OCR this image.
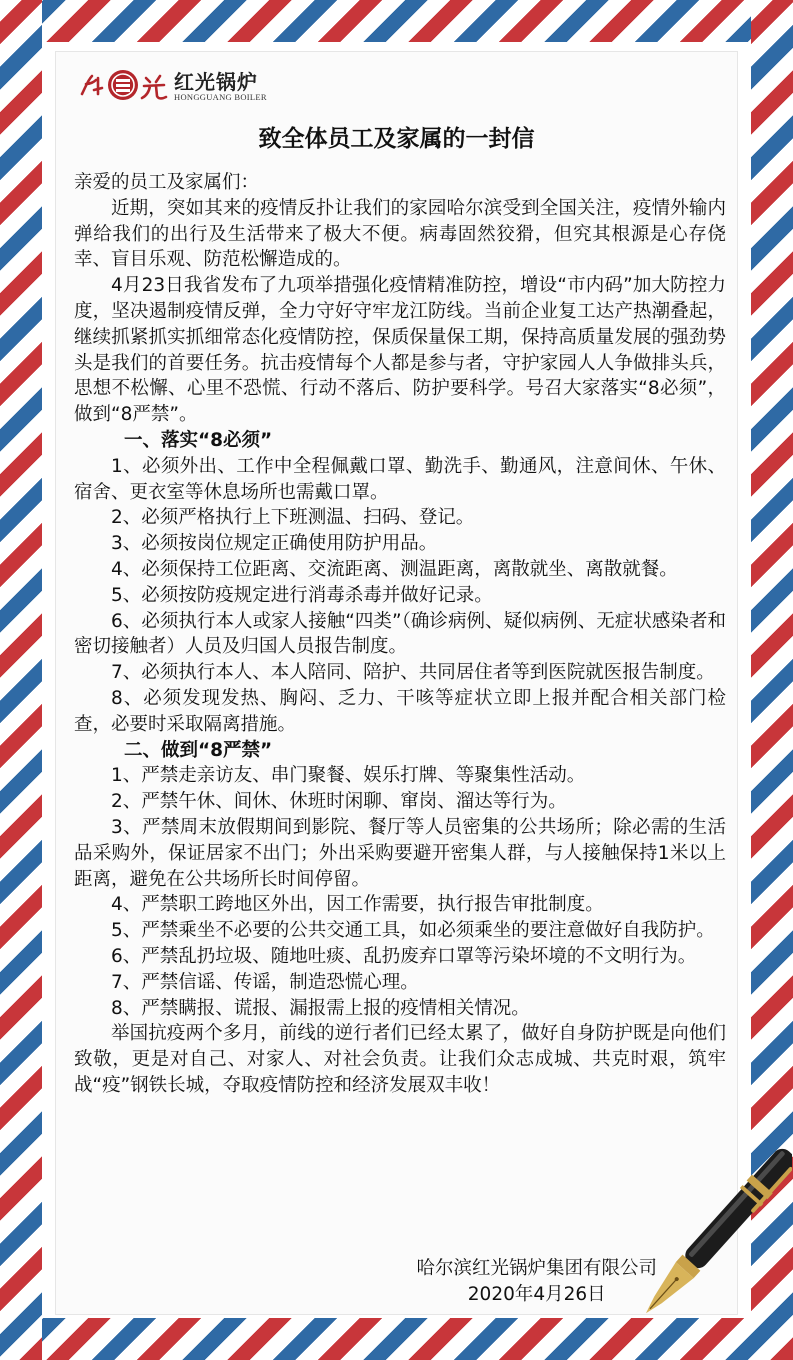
红光锅炉
HONGGUANG BOILER
致全体员工及家属的一封信

亲爱的员工及家属们：

近期，突如其来的疫情反扑让我们的家园哈尔滨受到全国关注，疫情外输内弹给我们的出行及生活带来了极大不便。病毒固然狡猾，但究其根源是心存侥幸、盲目乐观、防范松懈造成的。

4月23日我省发布了九项举措强化疫情精准防控，增设“市内码”加大防控力度，坚决遏制疫情反弹，全力守好守牢龙江防线。当前企业复工达产热潮叠起，继续抓紧抓实抓细常态化疫情防控，保质保量保工期，保持高质量发展的强劲势头是我们的首要任务。抗击疫情每个人都是参与者，守护家园人人争做排头兵，思想不松懈、心里不恐慌、行动不落后、防护要科学。号召大家落实“8必须”，做到“8严禁”。

一、落实“8必须”

1、必须外出、工作中全程佩戴口罩、勤洗手、勤通风，注意间休、午休、宿舍、更衣室等休息场所也需戴口罩。

2、必须严格执行上下班测温、扫码、登记。

3、必须按岗位规定正确使用防护用品。

4、必须保持工位距离、交流距离、测温距离，离散就坐、离散就餐。

5、必须按防疫规定进行消毒杀毒并做好记录。

6、必须执行本人或家人接触“四类”（确诊病例、疑似病例、无症状感染者和密切接触者）人员及归国人员报告制度。

7、必须执行本人、本人陪同、陪护、共同居住者等到医院就医报告制度。

8、必须发现发热、胸闷、乏力、干咳等症状立即上报并配合相关部门检查，必要时采取隔离措施。

二、做到“8严禁”

1、严禁走亲访友、串门聚餐、娱乐打牌、等聚集性活动。

2、严禁午休、间休、休班时闲聊、窜岗、溜达等行为。

3、严禁周末放假期间到影院、餐厅等人员密集的公共场所；除必需的生活品采购外，保证居家不出门；外出采购要避开密集人群，与人接触保持1米以上距离，避免在公共场所长时间停留。

4、严禁职工跨地区外出，因工作需要，执行报告审批制度。

5、严禁乘坐不必要的公共交通工具，如必须乘坐的要注意做好自我防护。

6、严禁乱扔垃圾、随地吐痰、乱扔废弃口罩等污染坏境的不文明行为。

7、严禁信谣、传谣，制造恐慌心理。

8、严禁瞒报、谎报、漏报需上报的疫情相关情况。

举国抗疫两个多月，前线的逆行者们已经太累了，做好自身防护既是向他们致敬，更是对自己、对家人、对社会负责。让我们众志成城、共克时艰，筑牢战“疫”钢铁长城，夺取疫情防控和经济发展双丰收！

哈尔滨红光锅炉集团有限公司
2020年4月26日
